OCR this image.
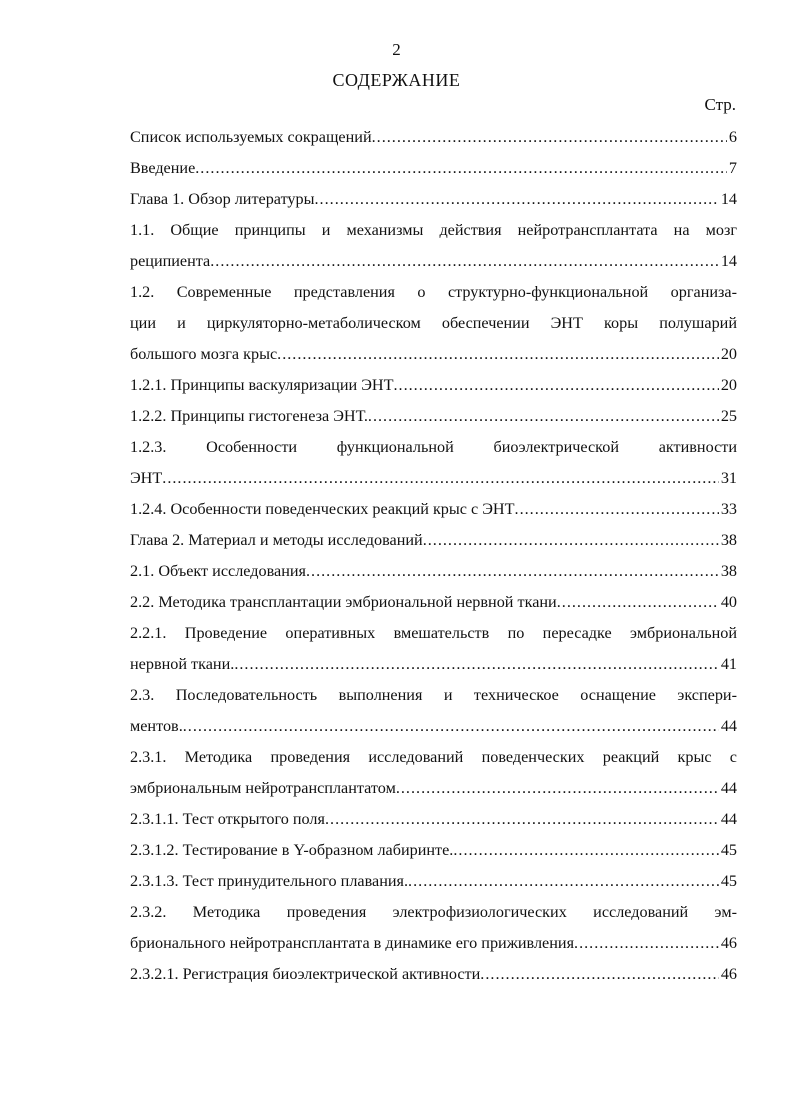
2
СОДЕРЖАНИЕ
Стр.
Список используемых сокращений .....	6
Введение .....	7
Глава 1. Обзор литературы .....	14
1.1. Общие принципы и механизмы действия нейротрансплантата на мозг
реципиента .....	14
1.2. Современные представления о структурно-функциональной организа-
ции и циркуляторно-метаболическом обеспечении ЭНТ коры полушарий
большого мозга крыс .....	20
1.2.1. Принципы васкуляризации ЭНТ .....	20
1.2.2. Принципы гистогенеза ЭНТ. .....	25
1.2.3. Особенности функциональной биоэлектрической активности
ЭНТ .....	31
1.2.4. Особенности поведенческих реакций крыс с ЭНТ .....	33
Глава 2. Материал и методы исследований .....	38
2.1. Объект исследования .....	38
2.2. Методика трансплантации эмбриональной нервной ткани .....	40
2.2.1. Проведение оперативных вмешательств по пересадке эмбриональной
нервной ткани. .....	41
2.3. Последовательность выполнения и техническое оснащение экспери-
ментов. .....	44
2.3.1. Методика проведения исследований поведенческих реакций крыс с
эмбриональным нейротрансплантатом .....	44
2.3.1.1. Тест открытого поля .....	44
2.3.1.2. Тестирование в Y-образном лабиринте. .....	45
2.3.1.3. Тест принудительного плавания. .....	45
2.3.2. Методика проведения электрофизиологических исследований эм-
брионального нейротрансплантата в динамике его приживления .....	46
2.3.2.1. Регистрация биоэлектрической активности .....	46
